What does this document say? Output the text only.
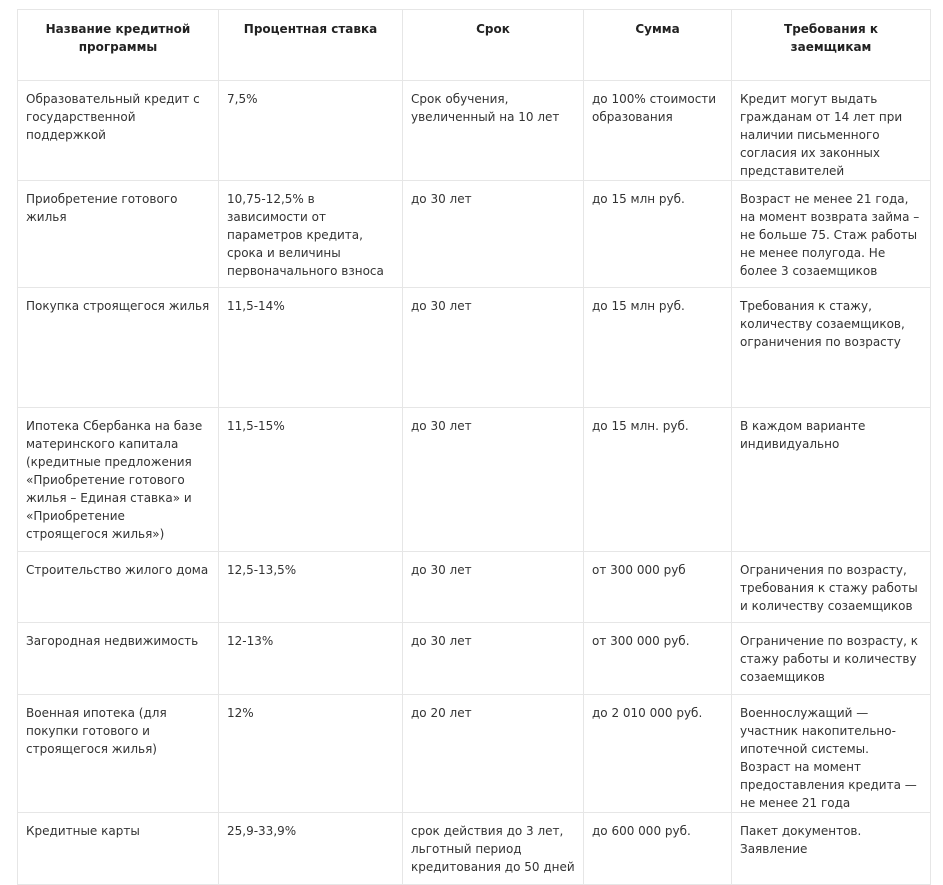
Название кредитной программы	Процентная ставка	Срок	Сумма	Требования к заемщикам

Образовательный кредит с государственной поддержкой	7,5%	Срок обучения, увеличенный на 10 лет	до 100% стоимости образования	Кредит могут выдать гражданам от 14 лет при наличии письменного согласия их законных представителей

Приобретение готового жилья	10,75-12,5% в зависимости от параметров кредита, срока и величины первоначального взноса	до 30 лет	до 15 млн руб.	Возраст не менее 21 года, на момент возврата займа – не больше 75. Стаж работы не менее полугода. Не более 3 созаемщиков

Покупка строящегося жилья	11,5-14%	до 30 лет	до 15 млн руб.	Требования к стажу, количеству созаемщиков, ограничения по возрасту

Ипотека Сбербанка на базе материнского капитала (кредитные предложения «Приобретение готового жилья – Единая ставка» и «Приобретение строящегося жилья»)	11,5-15%	до 30 лет	до 15 млн. руб.	В каждом варианте индивидуально

Строительство жилого дома	12,5-13,5%	до 30 лет	от 300 000 руб	Ограничения по возрасту, требования к стажу работы и количеству созаемщиков

Загородная недвижимость	12-13%	до 30 лет	от 300 000 руб.	Ограничение по возрасту, к стажу работы и количеству созаемщиков

Военная ипотека (для покупки готового и строящегося жилья)	12%	до 20 лет	до 2 010 000 руб.	Военнослужащий — участник накопительно-ипотечной системы. Возраст на момент предоставления кредита — не менее 21 года

Кредитные карты	25,9-33,9%	срок действия до 3 лет, льготный период кредитования до 50 дней	до 600 000 руб.	Пакет документов. Заявление
